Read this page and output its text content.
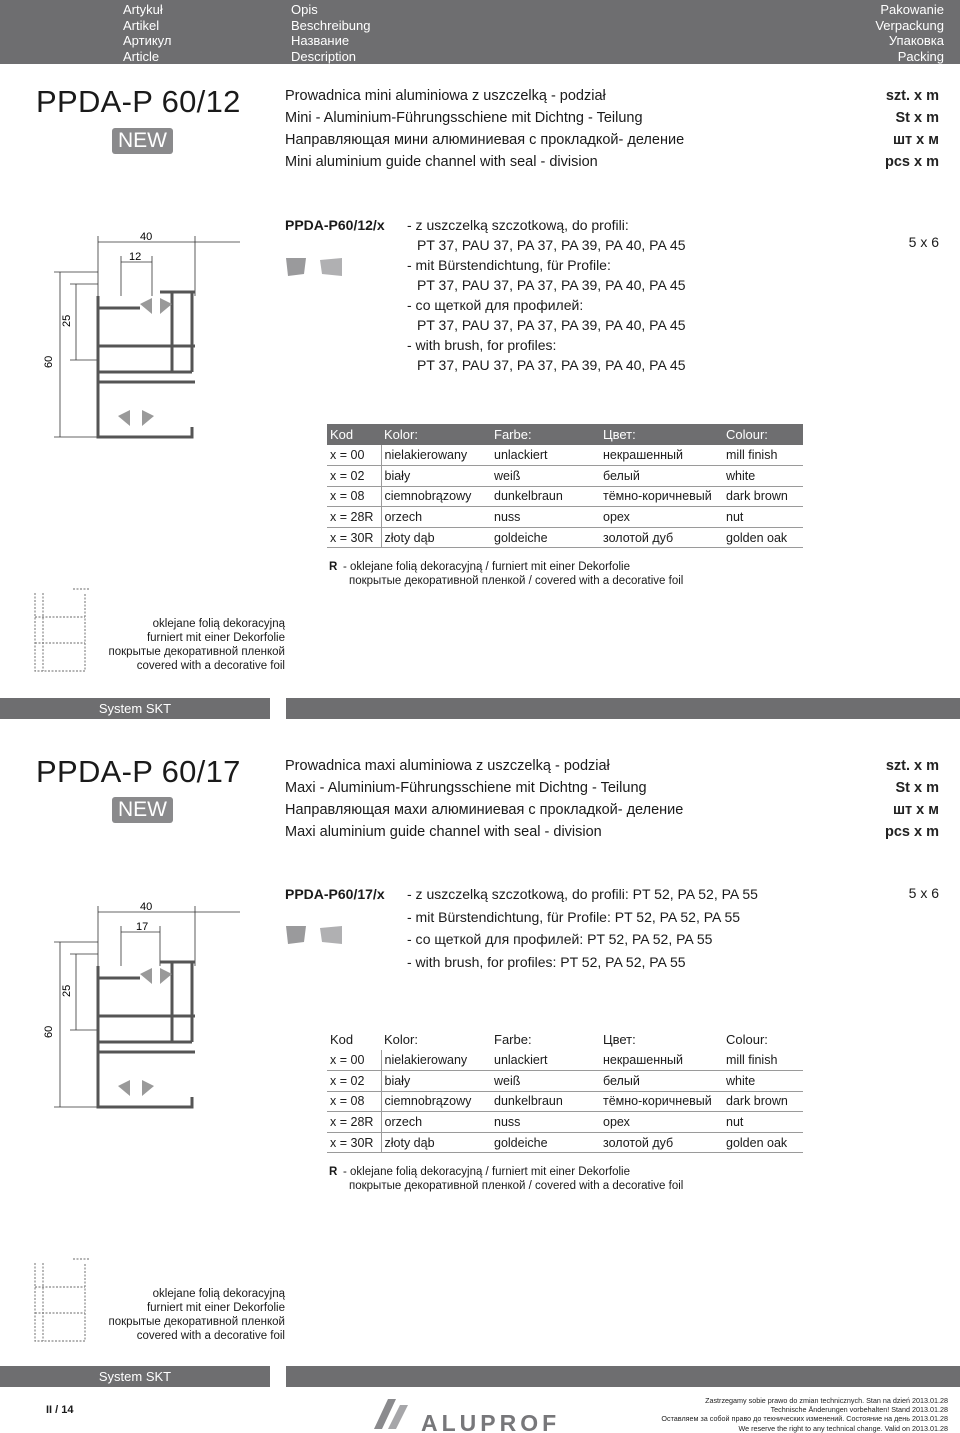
Artykuł
Artikel
Артикул
Article
Opis
Beschreibung
Название
Description
Pakowanie
Verpackung
Упаковка
Packing
PPDA-P 60/12
NEW
Prowadnica mini aluminiowa z uszczelką - podział
Mini - Aluminium-Führungsschiene mit Dichtng - Teilung
Направляющая мини алюминиевая с прокладкой- деление
Mini aluminium guide channel with seal - division
szt. x m
St x m
шт x м
pcs x m
40
12
60
25
PPDA-P60/12/x - z uszczelką szczotkową, do profili:
PT 37, PAU 37, PA 37, PA 39, PA 40, PA 45
- mit Bürstendichtung, für Profile:
PT 37, PAU 37, PA 37, PA 39, PA 40, PA 45
- со щеткой для профилей:
PT 37, PAU 37, PA 37, PA 39, PA 40, PA 45
- with brush, for profiles:
PT 37, PAU 37, PA 37, PA 39, PA 40, PA 45
5 x 6
Kod	Kolor:	Farbe:	Цвет:	Colour:
x = 00	nielakierowany	unlackiert	некрашенный	mill finish
x = 02	biały	weiß	белый	white
x = 08	ciemnobrązowy	dunkelbraun	тёмно-коричневый	dark brown
x = 28R	orzech	nuss	орех	nut
x = 30R	złoty dąb	goldeiche	золотой дуб	golden oak
R - oklejane folią dekoracyjną / furniert mit einer Dekorfolie
покрытые декоративной пленкой / covered with a decorative foil
oklejane folią dekoracyjną
furniert mit einer Dekorfolie
покрытые декоративной пленкой
covered with a decorative foil
System SKT
PPDA-P 60/17
NEW
Prowadnica maxi aluminiowa z uszczelką - podział
Maxi - Aluminium-Führungsschiene mit Dichtng - Teilung
Направляющая махи алюминиевая с прокладкой- деление
Maxi aluminium guide channel with seal - division
szt. x m
St x m
шт x м
pcs x m
40
17
60
25
PPDA-P60/17/x - z uszczelką szczotkową, do profili: PT 52, PA 52, PA 55
- mit Bürstendichtung, für Profile: PT 52, PA 52, PA 55
- со щеткой для профилей: PT 52, PA 52, PA 55
- with brush, for profiles: PT 52, PA 52, PA 55
5 x 6
Kod	Kolor:	Farbe:	Цвет:	Colour:
x = 00	nielakierowany	unlackiert	некрашенный	mill finish
x = 02	biały	weiß	белый	white
x = 08	ciemnobrązowy	dunkelbraun	тёмно-коричневый	dark brown
x = 28R	orzech	nuss	орех	nut
x = 30R	złoty dąb	goldeiche	золотой дуб	golden oak
R - oklejane folią dekoracyjną / furniert mit einer Dekorfolie
покрытые декоративной пленкой / covered with a decorative foil
oklejane folią dekoracyjną
furniert mit einer Dekorfolie
покрытые декоративной пленкой
covered with a decorative foil
System SKT
II / 14	ALUPROF
Zastrzegamy sobie prawo do zmian technicznych. Stan na dzień 2013.01.28
Technische Änderungen vorbehalten! Stand 2013.01.28
Оставляем за собой право до технических изменений. Состояние на день 2013.01.28
We reserve the right to any technical change. Valid on 2013.01.28
